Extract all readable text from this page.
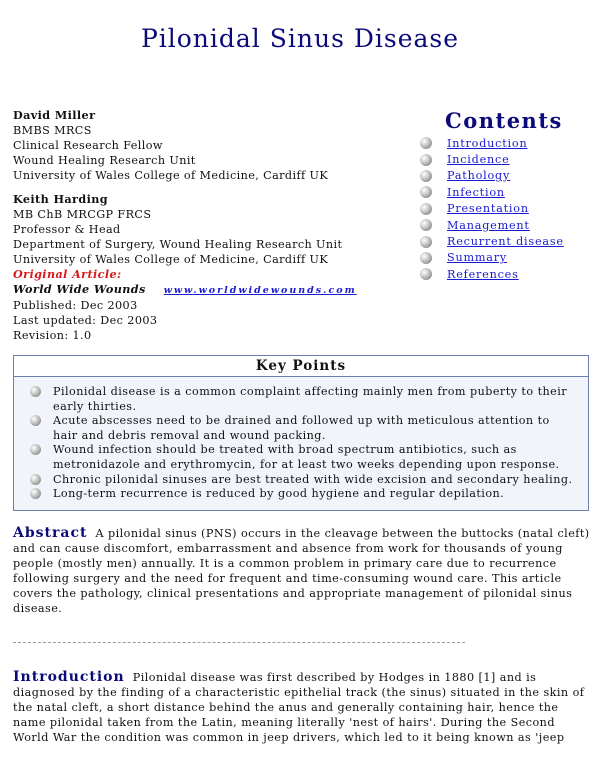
Pilonidal Sinus Disease
David Miller
BMBS MRCS
Clinical Research Fellow
Wound Healing Research Unit
University of Wales College of Medicine, Cardiff UK
Keith Harding
MB ChB MRCGP FRCS
Professor & Head
Department of Surgery, Wound Healing Research Unit
University of Wales College of Medicine, Cardiff UK
Original Article:
World Wide Wounds www.worldwidewounds.com
Published: Dec 2003
Last updated: Dec 2003
Revision: 1.0
Contents
Introduction
Incidence
Pathology
Infection
Presentation
Management
Recurrent disease
Summary
References
Key Points
Pilonidal disease is a common complaint affecting mainly men from puberty to their early thirties.
Acute abscesses need to be drained and followed up with meticulous attention to hair and debris removal and wound packing.
Wound infection should be treated with broad spectrum antibiotics, such as metronidazole and erythromycin, for at least two weeks depending upon response.
Chronic pilonidal sinuses are best treated with wide excision and secondary healing.
Long-term recurrence is reduced by good hygiene and regular depilation.
Abstract A pilonidal sinus (PNS) occurs in the cleavage between the buttocks (natal cleft) and can cause discomfort, embarrassment and absence from work for thousands of young people (mostly men) annually. It is a common problem in primary care due to recurrence following surgery and the need for frequent and time-consuming wound care. This article covers the pathology, clinical presentations and appropriate management of pilonidal sinus disease.
Introduction Pilonidal disease was first described by Hodges in 1880 [1] and is diagnosed by the finding of a characteristic epithelial track (the sinus) situated in the skin of the natal cleft, a short distance behind the anus and generally containing hair, hence the name pilonidal taken from the Latin, meaning literally 'nest of hairs'. During the Second World War the condition was common in jeep drivers, which led to it being known as 'jeep
